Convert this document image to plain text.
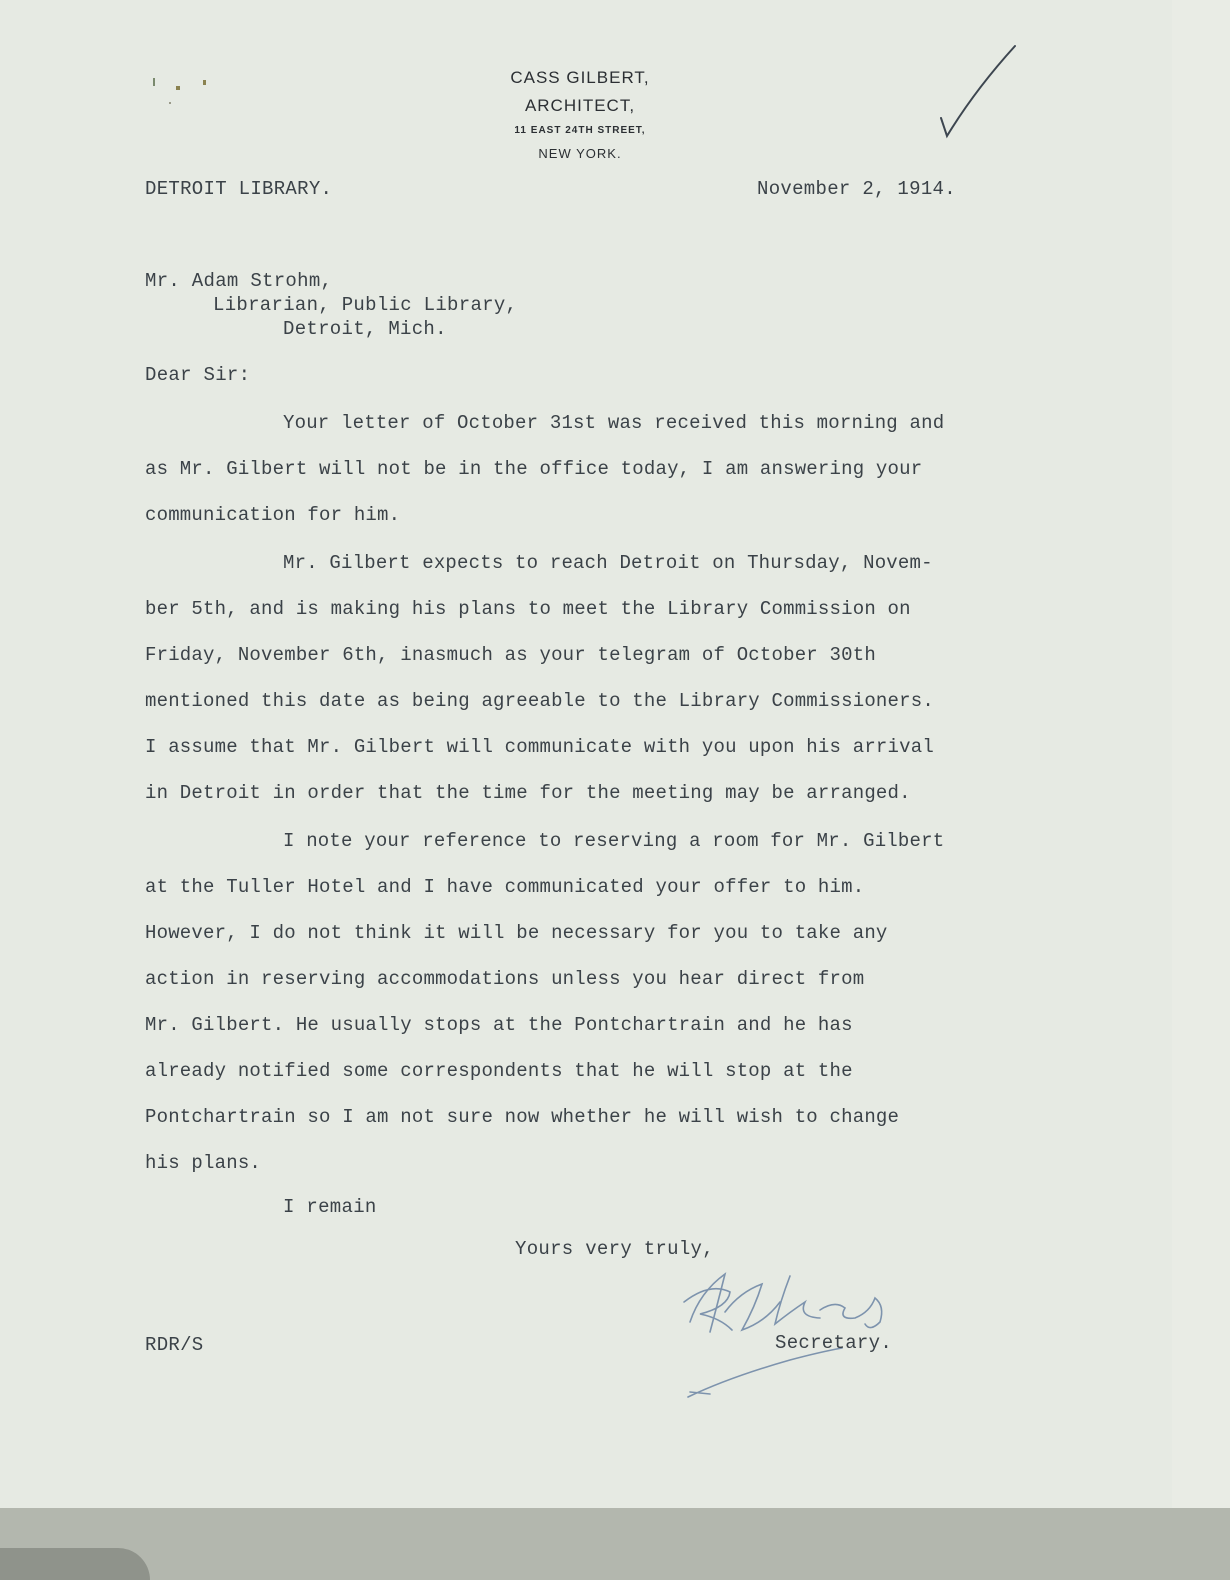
CASS GILBERT,
ARCHITECT,
11 EAST 24TH STREET,
NEW YORK.
DETROIT LIBRARY.	November 2, 1914.
Mr. Adam Strohm,
Librarian, Public Library,
Detroit, Mich.
Dear Sir:
Your letter of October 31st was received this morning and
as Mr. Gilbert will not be in the office today, I am answering your
communication for him.
Mr. Gilbert expects to reach Detroit on Thursday, Novem-
ber 5th, and is making his plans to meet the Library Commission on
Friday, November 6th, inasmuch as your telegram of October 30th
mentioned this date as being agreeable to the Library Commissioners.
I assume that Mr. Gilbert will communicate with you upon his arrival
in Detroit in order that the time for the meeting may be arranged.
I note your reference to reserving a room for Mr. Gilbert
at the Tuller Hotel and I have communicated your offer to him.
However, I do not think it will be necessary for you to take any
action in reserving accommodations unless you hear direct from
Mr. Gilbert. He usually stops at the Pontchartrain and he has
already notified some correspondents that he will stop at the
Pontchartrain so I am not sure now whether he will wish to change
his plans.
I remain
Yours very truly,
Secretary.
RDR/S
